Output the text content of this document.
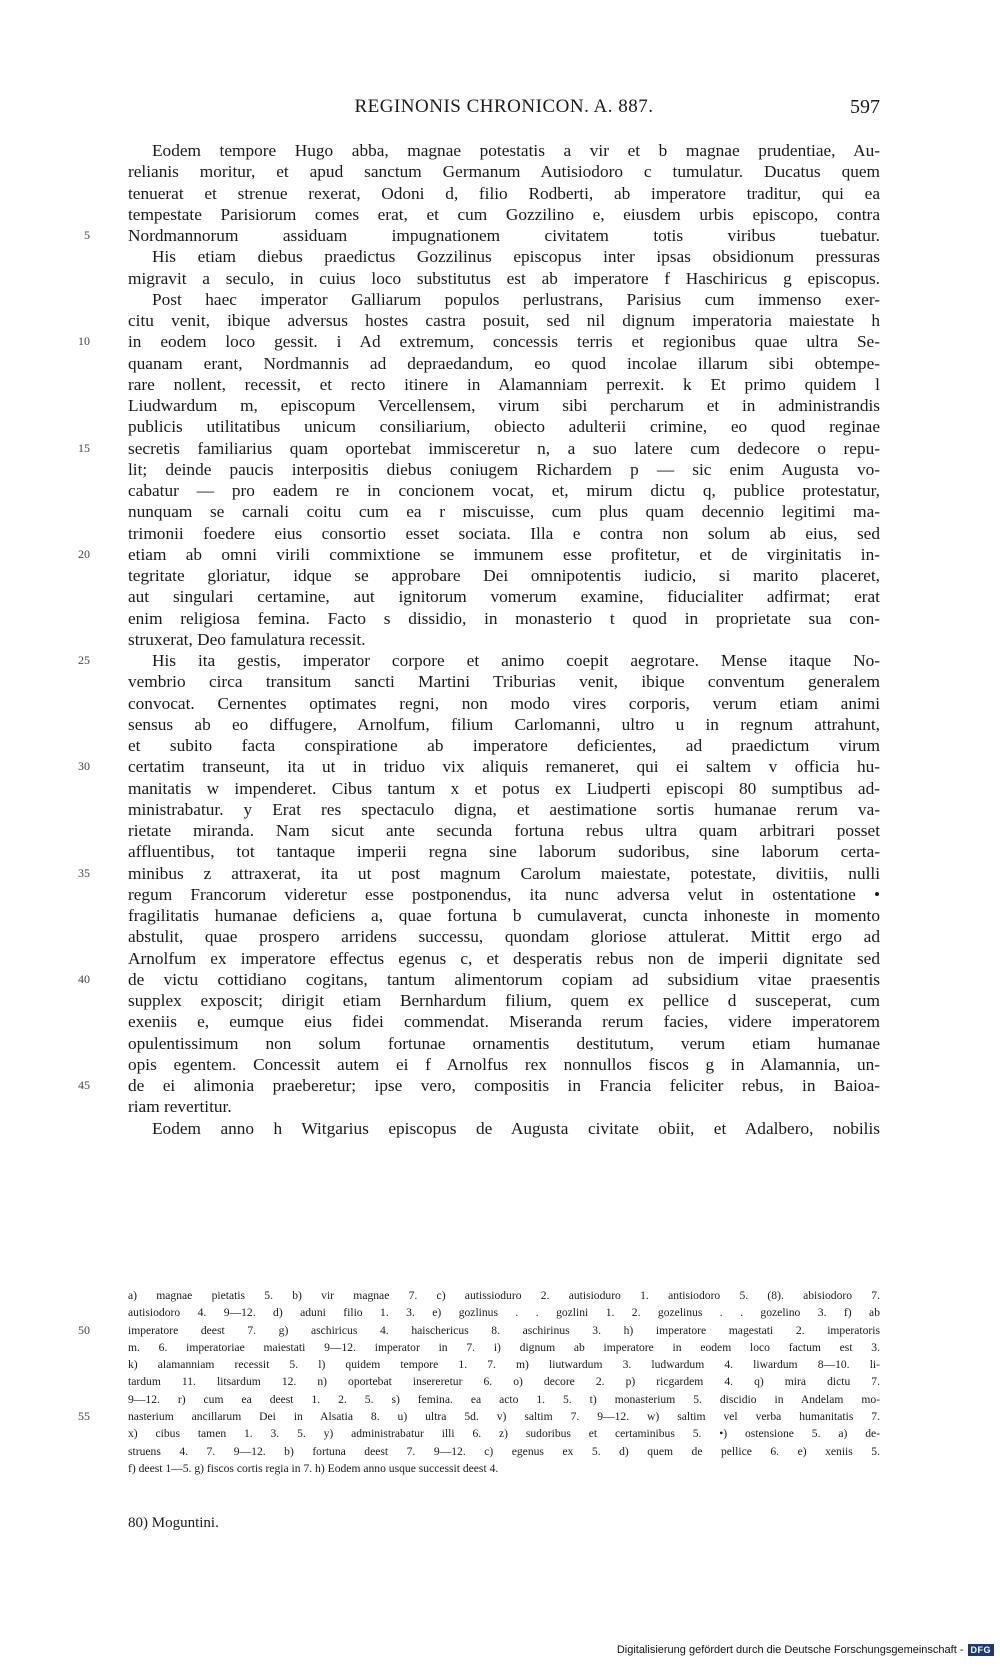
REGINONIS CHRONICON. A. 887.	597
Eodem tempore Hugo abba, magnae potestatis a vir et b magnae prudentiae, Au-
relianis moritur, et apud sanctum Germanum Autisiodoro c tumulatur. Ducatus quem
tenuerat et strenue rexerat, Odoni d, filio Rodberti, ab imperatore traditur, qui ea
tempestate Parisiorum comes erat, et cum Gozzilino e, eiusdem urbis episcopo, contra
5 Nordmannorum assiduam impugnationem civitatem totis viribus tuebatur.
His etiam diebus praedictus Gozzilinus episcopus inter ipsas obsidionum pressuras
migravit a seculo, in cuius loco substitutus est ab imperatore f Haschiricus g episcopus.
Post haec imperator Galliarum populos perlustrans, Parisius cum immenso exer-
citu venit, ibique adversus hostes castra posuit, sed nil dignum imperatoria maiestate h
10 in eodem loco gessit. i Ad extremum, concessis terris et regionibus quae ultra Se-
quanam erant, Nordmannis ad depraedandum, eo quod incolae illarum sibi obtempe-
rare nollent, recessit, et recto itinere in Alamanniam perrexit. k Et primo quidem l
Liudwardum m, episcopum Vercellensem, virum sibi percharum et in administrandis
publicis utilitatibus unicum consiliarium, obiecto adulterii crimine, eo quod reginae
15 secretis familiarius quam oportebat immisceretur n, a suo latere cum dedecore o repu-
lit; deinde paucis interpositis diebus coniugem Richardem p — sic enim Augusta vo-
cabatur — pro eadem re in concionem vocat, et, mirum dictu q, publice protestatur,
nunquam se carnali coitu cum ea r miscuisse, cum plus quam decennio legitimi ma-
trimonii foedere eius consortio esset sociata. Illa e contra non solum ab eius, sed
20 etiam ab omni virili commixtione se immunem esse profitetur, et de virginitatis in-
tegritate gloriatur, idque se approbare Dei omnipotentis iudicio, si marito placeret,
aut singulari certamine, aut ignitorum vomerum examine, fiducialiter adfirmat; erat
enim religiosa femina. Facto s dissidio, in monasterio t quod in proprietate sua con-
struxerat, Deo famulatura recessit.
25	His ita gestis, imperator corpore et animo coepit aegrotare. Mense itaque No-
vembrio circa transitum sancti Martini Triburias venit, ibique conventum generalem
convocat. Cernentes optimates regni, non modo vires corporis, verum etiam animi
sensus ab eo diffugere, Arnolfum, filium Carlomanni, ultro u in regnum attrahunt,
et subito facta conspiratione ab imperatore deficientes, ad praedictum virum
30 certatim transeunt, ita ut in triduo vix aliquis remaneret, qui ei saltem v officia hu-
manitatis w impenderet. Cibus tantum x et potus ex Liudperti episcopi 80 sumptibus ad-
ministrabatur. y Erat res spectaculo digna, et aestimatione sortis humanae rerum va-
rietate miranda. Nam sicut ante secunda fortuna rebus ultra quam arbitrari posset
affluentibus, tot tantaque imperii regna sine laborum sudoribus, sine laborum certa-
35 minibus z attraxerat, ita ut post magnum Carolum maiestate, potestate, divitiis, nulli
regum Francorum videretur esse postponendus, ita nunc adversa velut in ostentatione •
fragilitatis humanae deficiens a, quae fortuna b cumulaverat, cuncta inhoneste in momento
abstulit, quae prospero arridens successu, quondam gloriose attulerat. Mittit ergo ad
Arnolfum ex imperatore effectus egenus c, et desperatis rebus non de imperii dignitate sed
40 de victu cottidiano cogitans, tantum alimentorum copiam ad subsidium vitae praesentis
supplex exposcit; dirigit etiam Bernhardum filium, quem ex pellice d susceperat, cum
exeniis e, eumque eius fidei commendat. Miseranda rerum facies, videre imperatorem
opulentissimum non solum fortunae ornamentis destitutum, verum etiam humanae
opis egentem. Concessit autem ei f Arnolfus rex nonnullos fiscos g in Alamannia, un-
45 de ei alimonia praeberetur; ipse vero, compositis in Francia feliciter rebus, in Baioa-
riam revertitur.
Eodem anno h Witgarius episcopus de Augusta civitate obiit, et Adalbero, nobilis
a) magnae pietatis 5. b) vir magnae 7. c) autissioduro 2. autisioduro 1. antisiodoro 5. (8). abisiodoro 7.
autisiodoro 4. 9—12. d) aduni filio 1. 3. e) gozlinus . . gozlini 1. 2. gozelinus . . gozelino 3. f) ab
50	imperatore deest 7. g) aschiricus 4. haischericus 8. aschirinus 3. h) imperatore magestati 2. imperatoris
m. 6. imperatoriae maiestati 9—12. imperator in 7. i) dignum ab imperatore in eodem loco factum est 3.
k) alamanniam recessit 5. l) quidem tempore 1. 7. m) liutwardum 3. ludwardum 4. liwardum 8—10. li-
tardum 11. litsardum 12. n) oportebat insereretur 6. o) decore 2. p) ricgardem 4. q) mira dictu 7.
9—12. r) cum ea deest 1. 2. 5. s) femina. ea acto 1. 5. t) monasterium 5. discidio in Andelam mo-
55	nasterium ancillarum Dei in Alsatia 8. u) ultra 5d. v) saltim 7. 9—12. w) saltim vel verba humanitatis 7.
x) cibus tamen 1. 3. 5. y) administrabatur illi 6. z) sudoribus et certaminibus 5. •) ostensione 5. a) de-
struens 4. 7. 9—12. b) fortuna deest 7. 9—12. c) egenus ex 5. d) quem de pellice 6. e) xeniis 5.
f) deest 1—5. g) fiscos cortis regia in 7. h) Eodem anno usque successit deest 4.
80) Moguntini.
Digitalisierung gefördert durch die Deutsche Forschungsgemeinschaft - DFG
